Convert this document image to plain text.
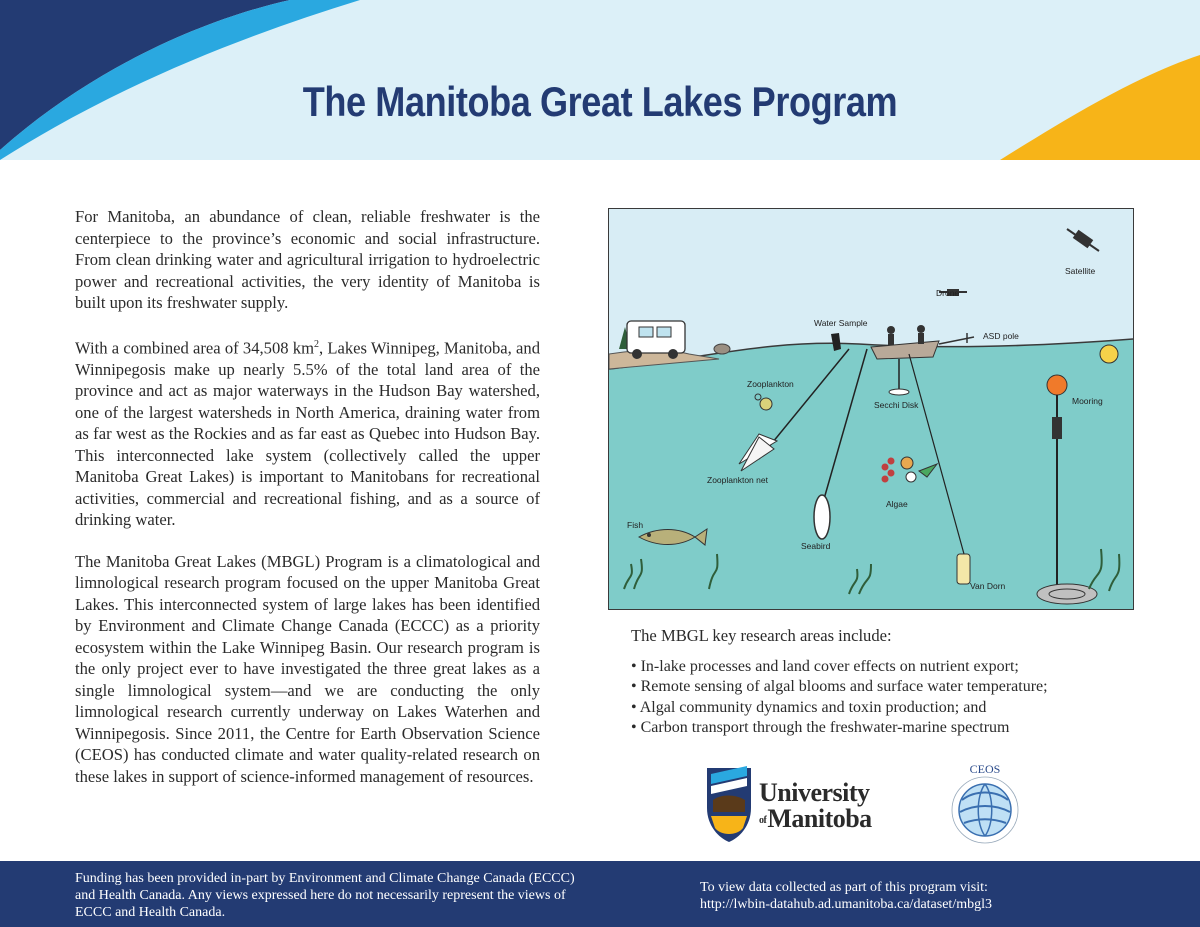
The Manitoba Great Lakes Program

For Manitoba, an abundance of clean, reliable freshwater is the centerpiece to the province’s economic and social infrastructure. From clean drinking water and agricultural irrigation to hydroelectric power and recreational activities, the very identity of Manitoba is built upon its freshwater supply.

With a combined area of 34,508 $km^2$, Lakes Winnipeg, Manitoba, and Winnipegosis make up nearly 5.5% of the total land area of the province and act as major waterways in the Hudson Bay watershed, one of the largest watersheds in North America, draining water from as far west as the Rockies and as far east as Quebec into Hudson Bay. This interconnected lake system (collectively called the upper Manitoba Great Lakes) is important to Manitobans for recreational activities, commercial and recreational fishing, and as a source of drinking water.

The Manitoba Great Lakes (MBGL) Program is a climatological and limnological research program focused on the upper Manitoba Great Lakes. This interconnected system of large lakes has been identified by Environment and Climate Change Canada (ECCC) as a priority ecosystem within the Lake Winnipeg Basin. Our research program is the only project ever to have investigated the three great lakes as a single limnological system—and we are conducting the only limnological research currently underway on Lakes Waterhen and Winnipegosis. Since 2011, the Centre for Earth Observation Science (CEOS) has conducted climate and water quality-related research on these lakes in support of science-informed management of resources.

Satellite
Drone
Water Sample
ASD pole
Zooplankton
Secchi Disk	Mooring
Zooplankton net
Algae
Fish
Seabird
Van Dorn

The MBGL key research areas include:

• In-lake processes and land cover effects on nutrient export;
• Remote sensing of algal blooms and surface water temperature;
• Algal community dynamics and toxin production; and
• Carbon transport through the freshwater-marine spectrum
University
ofManitoba
CEOS
Funding has been provided in-part by Environment and Climate Change Canada (ECCC) and Health Canada. Any views expressed here do not necessarily represent the views of ECCC and Health Canada.
To view data collected as part of this program visit:
http://lwbin-datahub.ad.umanitoba.ca/dataset/mbgl3
